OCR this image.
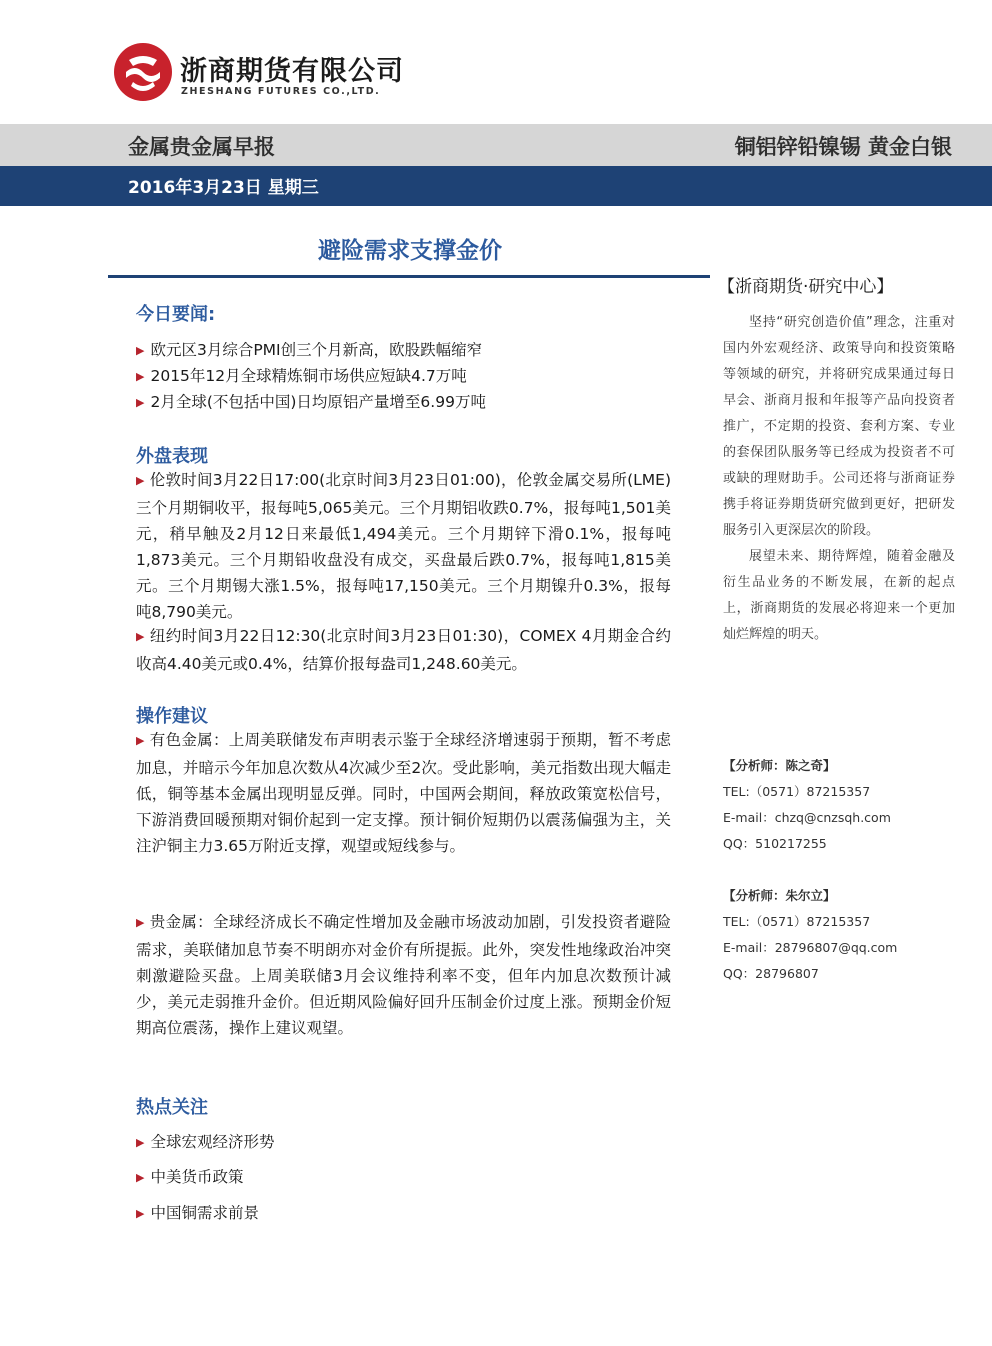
浙商期货有限公司
ZHESHANG FUTURES CO.,LTD.
金属贵金属早报	铜铝锌铅镍锡 黄金白银
2016年3月23日 星期三
避险需求支撑金价
今日要闻:
▶ 欧元区3月综合PMI创三个月新高，欧股跌幅缩窄
▶ 2015年12月全球精炼铜市场供应短缺4.7万吨
▶ 2月全球(不包括中国)日均原铝产量增至6.99万吨
外盘表现
▶ 伦敦时间3月22日17:00(北京时间3月23日01:00)，伦敦金属交易所(LME)三个月期铜收平，报每吨5,065美元。三个月期铝收跌0.7%，报每吨1,501美元，稍早触及2月12日来最低1,494美元。三个月期锌下滑0.1%，报每吨1,873美元。三个月期铅收盘没有成交，买盘最后跌0.7%，报每吨1,815美元。三个月期锡大涨1.5%，报每吨17,150美元。三个月期镍升0.3%，报每吨8,790美元。
▶ 纽约时间3月22日12:30(北京时间3月23日01:30)，COMEX 4月期金合约收高4.40美元或0.4%，结算价报每盎司1,248.60美元。
操作建议
▶ 有色金属：上周美联储发布声明表示鉴于全球经济增速弱于预期，暂不考虑加息，并暗示今年加息次数从4次减少至2次。受此影响，美元指数出现大幅走低，铜等基本金属出现明显反弹。同时，中国两会期间，释放政策宽松信号，下游消费回暖预期对铜价起到一定支撑。预计铜价短期仍以震荡偏强为主，关注沪铜主力3.65万附近支撑，观望或短线参与。
▶ 贵金属：全球经济成长不确定性增加及金融市场波动加剧，引发投资者避险需求，美联储加息节奏不明朗亦对金价有所提振。此外，突发性地缘政治冲突刺激避险买盘。上周美联储3月会议维持利率不变，但年内加息次数预计减少，美元走弱推升金价。但近期风险偏好回升压制金价过度上涨。预期金价短期高位震荡，操作上建议观望。
热点关注
▶ 全球宏观经济形势
▶ 中美货币政策
▶ 中国铜需求前景
【浙商期货·研究中心】

坚持“研究创造价值”理念，注重对国内外宏观经济、政策导向和投资策略等领域的研究，并将研究成果通过每日早会、浙商月报和年报等产品向投资者推广，不定期的投资、套利方案、专业的套保团队服务等已经成为投资者不可或缺的理财助手。公司还将与浙商证券携手将证券期货研究做到更好，把研发服务引入更深层次的阶段。

展望未来、期待辉煌，随着金融及衍生品业务的不断发展，在新的起点上，浙商期货的发展必将迎来一个更加灿烂辉煌的明天。

【分析师：陈之奇】
TEL:（0571）87215357
E-mail：chzq@cnzsqh.com
QQ：510217255
【分析师：朱尔立】
TEL:（0571）87215357
E-mail：28796807@qq.com
QQ：28796807
